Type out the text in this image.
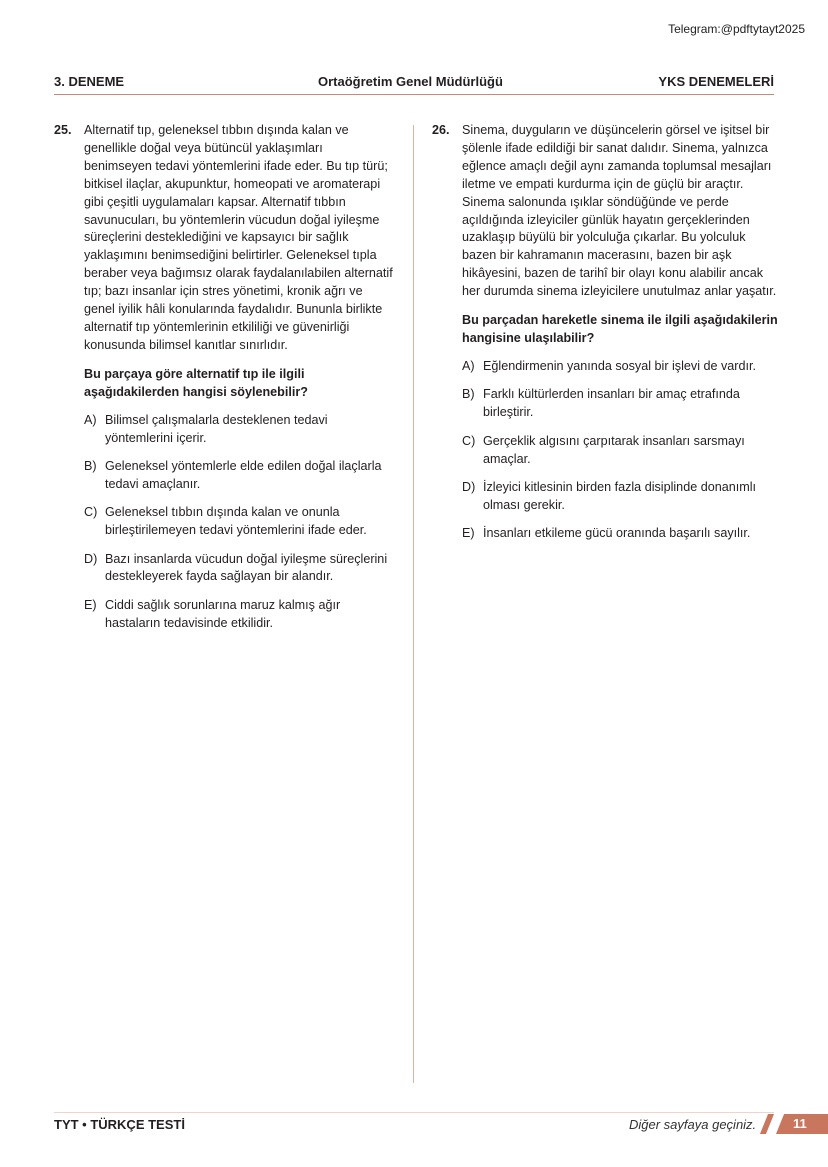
Telegram:@pdftytayt2025
3. DENEME	Ortaöğretim Genel Müdürlüğü	YKS DENEMELERİ
25. Alternatif tıp, geleneksel tıbbın dışında kalan ve genellikle doğal veya bütüncül yaklaşımları benimseyen tedavi yöntemlerini ifade eder. Bu tıp türü; bitkisel ilaçlar, akupunktur, homeopati ve aromaterapi gibi çeşitli uygulamaları kapsar. Alternatif tıbbın savunucuları, bu yöntemlerin vücudun doğal iyileşme süreçlerini desteklediğini ve kapsayıcı bir sağlık yaklaşımını benimsediğini belirtirler. Geleneksel tıpla beraber veya bağımsız olarak faydalanılabilen alternatif tıp; bazı insanlar için stres yönetimi, kronik ağrı ve genel iyilik hâli konularında faydalıdır. Bununla birlikte alternatif tıp yöntemlerinin etkililiği ve güvenirliği konusunda bilimsel kanıtlar sınırlıdır.
Bu parçaya göre alternatif tıp ile ilgili aşağıdakilerden hangisi söylenebilir?
A) Bilimsel çalışmalarla desteklenen tedavi yöntemlerini içerir.
B) Geleneksel yöntemlerle elde edilen doğal ilaçlarla tedavi amaçlanır.
C) Geleneksel tıbbın dışında kalan ve onunla birleştirilemeyen tedavi yöntemlerini ifade eder.
D) Bazı insanlarda vücudun doğal iyileşme süreçlerini destekleyerek fayda sağlayan bir alandır.
E) Ciddi sağlık sorunlarına maruz kalmış ağır hastaların tedavisinde etkilidir.
26. Sinema, duyguların ve düşüncelerin görsel ve işitsel bir şölenle ifade edildiği bir sanat dalıdır. Sinema, yalnızca eğlence amaçlı değil aynı zamanda toplumsal mesajları iletme ve empati kurdurma için de güçlü bir araçtır. Sinema salonunda ışıklar söndüğünde ve perde açıldığında izleyiciler günlük hayatın gerçeklerinden uzaklaşıp büyülü bir yolculuğa çıkarlar. Bu yolculuk bazen bir kahramanın macerasını, bazen bir aşk hikâyesini, bazen de tarihî bir olayı konu alabilir ancak her durumda sinema izleyicilere unutulmaz anlar yaşatır.
Bu parçadan hareketle sinema ile ilgili aşağıdakilerin hangisine ulaşılabilir?
A) Eğlendirmenin yanında sosyal bir işlevi de vardır.
B) Farklı kültürlerden insanları bir amaç etrafında birleştirir.
C) Gerçeklik algısını çarpıtarak insanları sarsmayı amaçlar.
D) İzleyici kitlesinin birden fazla disiplinde donanımlı olması gerekir.
E) İnsanları etkileme gücü oranında başarılı sayılır.
TYT • TÜRKÇE TESTİ	Diğer sayfaya geçiniz.	11
